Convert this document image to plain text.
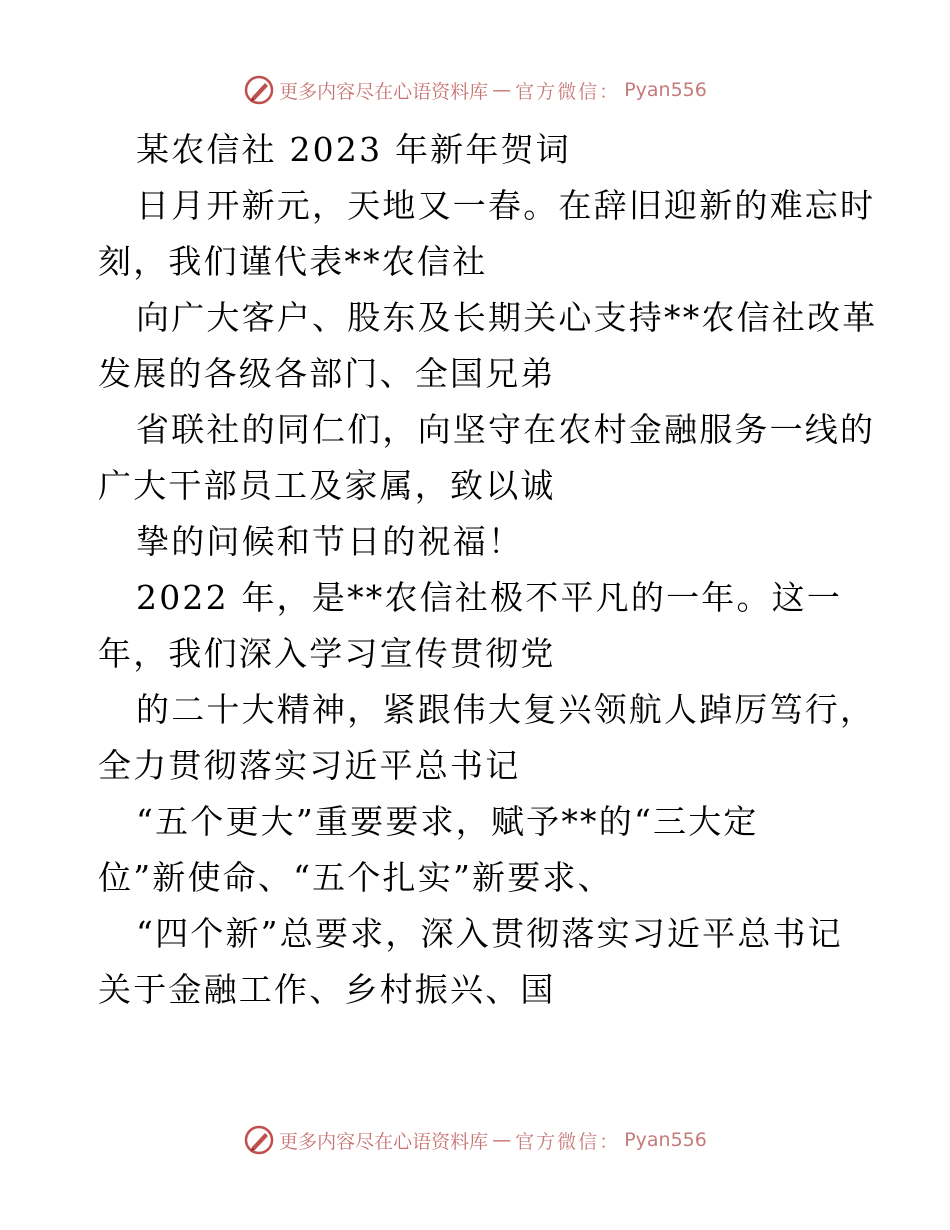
更多内容尽在心语资料库 — 官方微信： Pyan556
某农信社 2023 年新年贺词
日月开新元，天地又一春。在辞旧迎新的难忘时
刻，我们谨代表**农信社
向广大客户、股东及长期关心支持**农信社改革
发展的各级各部门、全国兄弟
省联社的同仁们，向坚守在农村金融服务一线的
广大干部员工及家属，致以诚
挚的问候和节日的祝福！
2022 年，是**农信社极不平凡的一年。这一
年，我们深入学习宣传贯彻党
的二十大精神，紧跟伟大复兴领航人踔厉笃行，
全力贯彻落实习近平总书记
“五个更大”重要要求，赋予**的“三大定
位”新使命、“五个扎实”新要求、
“四个新”总要求，深入贯彻落实习近平总书记
关于金融工作、乡村振兴、国
更多内容尽在心语资料库 — 官方微信： Pyan556
